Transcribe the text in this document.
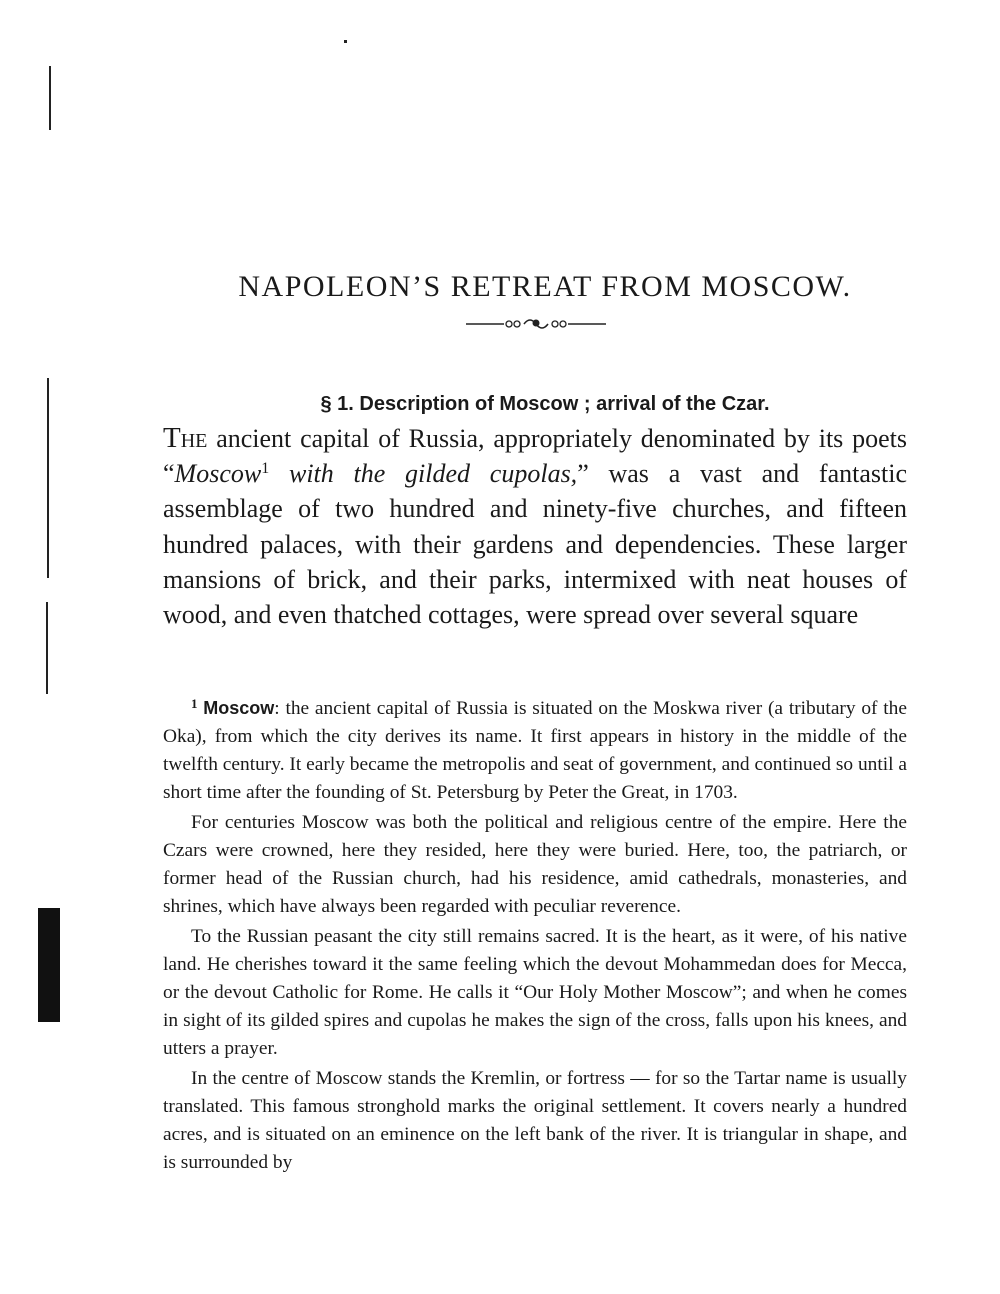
NAPOLEON’S RETREAT FROM MOSCOW.
§ 1. Description of Moscow ; arrival of the Czar.

The ancient capital of Russia, appropriately denominated by its poets “Moscow$^1$ with the gilded cupolas,” was a vast and fantastic assemblage of two hundred and ninety-five churches, and fifteen hundred palaces, with their gardens and dependencies. These larger mansions of brick, and their parks, intermixed with neat houses of wood, and even thatched cottages, were spread over several square

$^1$ Moscow: the ancient capital of Russia is situated on the Moskwa river (a tributary of the Oka), from which the city derives its name. It first appears in history in the middle of the twelfth century. It early became the metropolis and seat of government, and continued so until a short time after the founding of St. Petersburg by Peter the Great, in 1703.

For centuries Moscow was both the political and religious centre of the empire. Here the Czars were crowned, here they resided, here they were buried. Here, too, the patriarch, or former head of the Russian church, had his residence, amid cathedrals, monasteries, and shrines, which have always been regarded with peculiar reverence.

To the Russian peasant the city still remains sacred. It is the heart, as it were, of his native land. He cherishes toward it the same feeling which the devout Mohammedan does for Mecca, or the devout Catholic for Rome. He calls it “Our Holy Mother Moscow”; and when he comes in sight of its gilded spires and cupolas he makes the sign of the cross, falls upon his knees, and utters a prayer.

In the centre of Moscow stands the Kremlin, or fortress — for so the Tartar name is usually translated. This famous stronghold marks the original settlement. It covers nearly a hundred acres, and is situated on an eminence on the left bank of the river. It is triangular in shape, and is surrounded by
